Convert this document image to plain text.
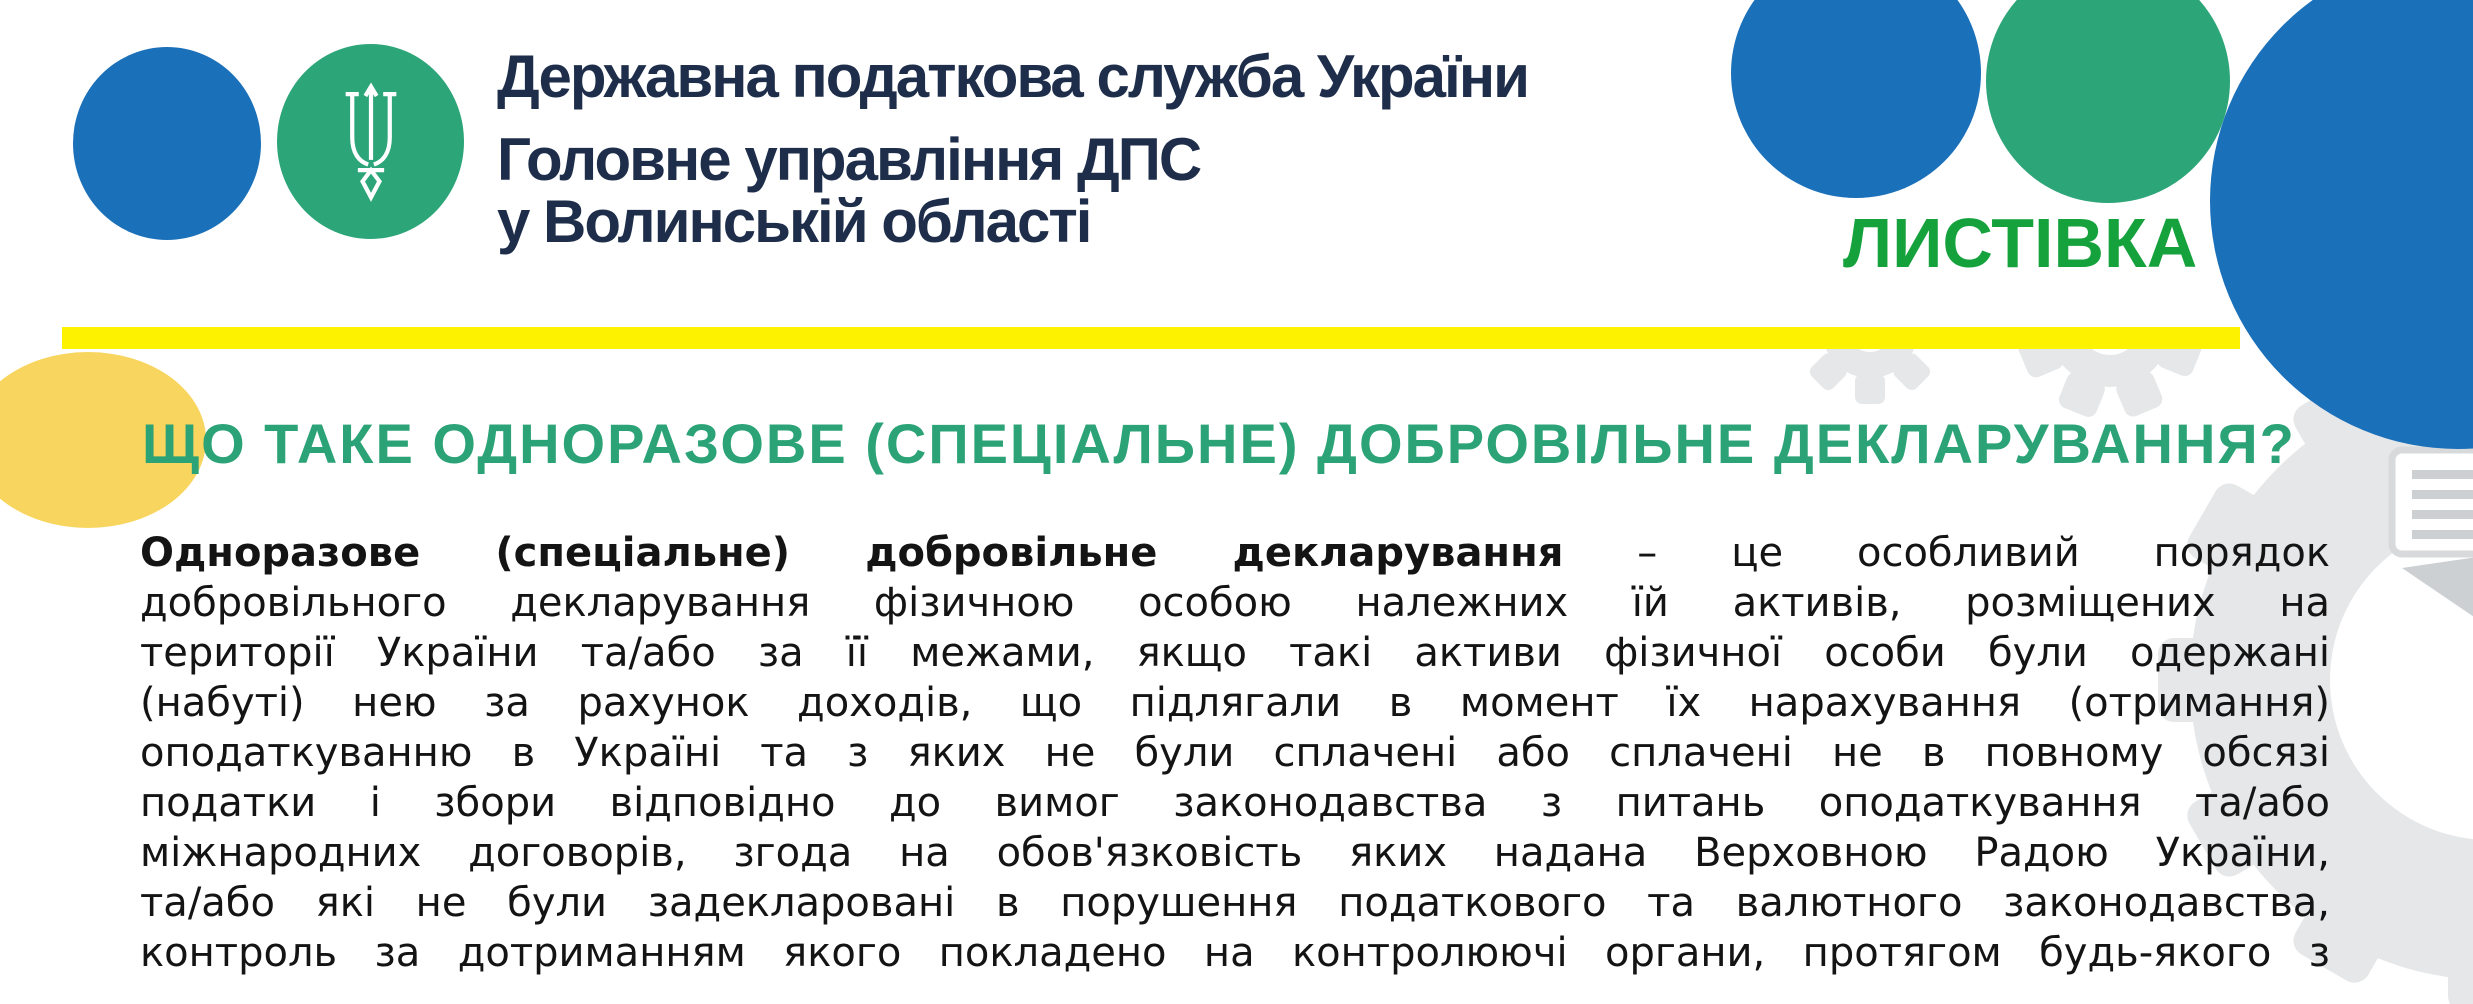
Державна податкова служба України
Головне управління ДПС
у Волинській області	ЛИСТІВКА
ЩО ТАКЕ ОДНОРАЗОВЕ (СПЕЦІАЛЬНЕ) ДОБРОВІЛЬНЕ ДЕКЛАРУВАННЯ?
Одноразове (спеціальне) добровільне декларування – це особливий порядок
добровільного декларування фізичною особою належних їй активів, розміщених на
території України та/або за її межами, якщо такі активи фізичної особи були одержані
(набуті) нею за рахунок доходів, що підлягали в момент їх нарахування (отримання)
оподаткуванню в Україні та з яких не були сплачені або сплачені не в повному обсязі
податки і збори відповідно до вимог законодавства з питань оподаткування та/або
міжнародних договорів, згода на обов'язковість яких надана Верховною Радою України,
та/або які не були задекларовані в порушення податкового та валютного законодавства,
контроль за дотриманням якого покладено на контролюючі органи, протягом будь-якого з
